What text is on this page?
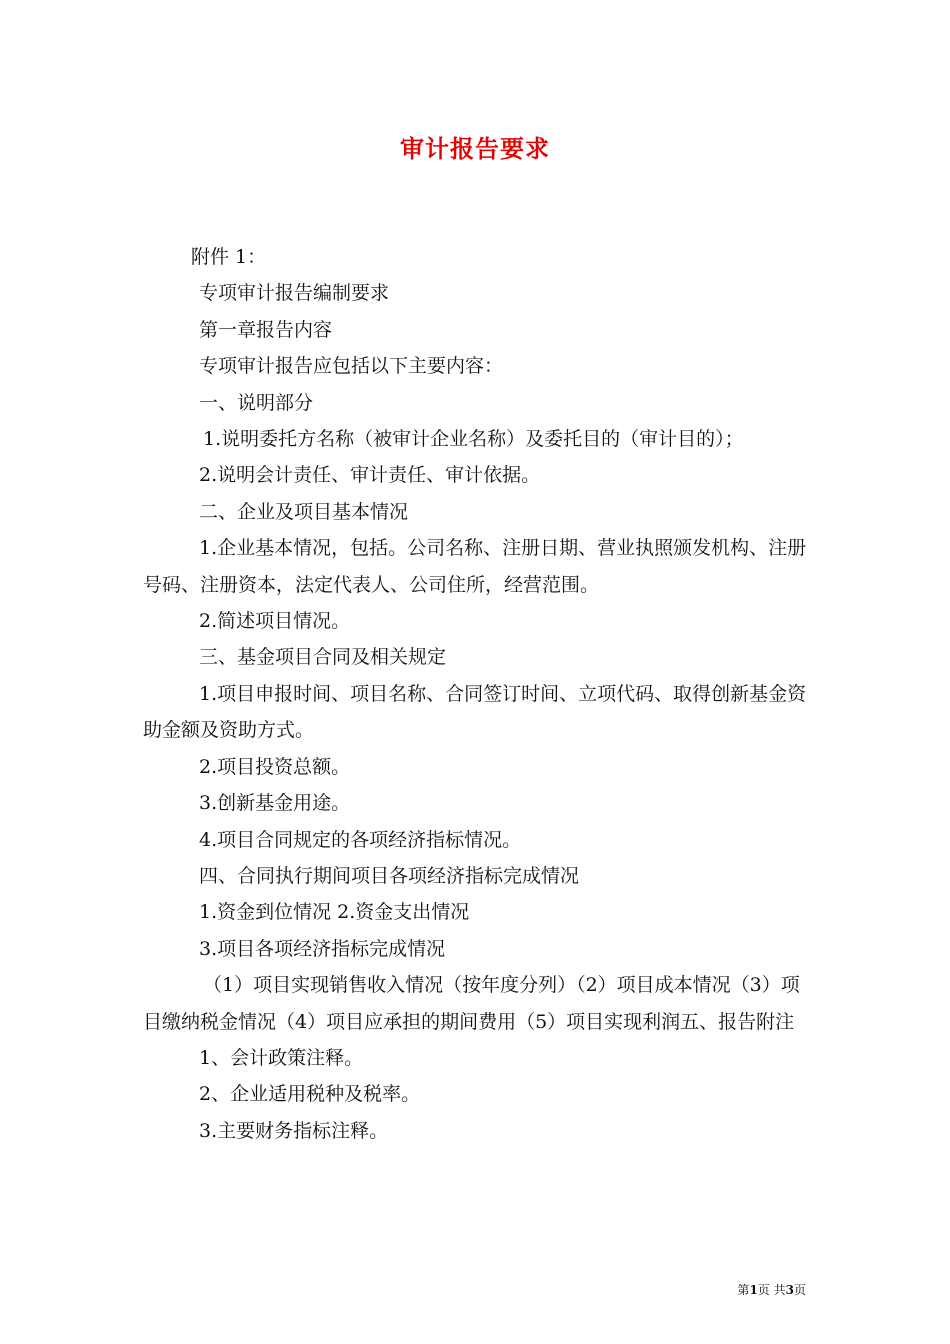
审计报告要求

附件 1：

专项审计报告编制要求

第一章报告内容

专项审计报告应包括以下主要内容：

一、说明部分

1.说明委托方名称（被审计企业名称）及委托目的（审计目的）；

2.说明会计责任、审计责任、审计依据。

二、企业及项目基本情况

1.企业基本情况，包括。公司名称、注册日期、营业执照颁发机构、注册号码、注册资本，法定代表人、公司住所，经营范围。

2.简述项目情况。

三、基金项目合同及相关规定

1.项目申报时间、项目名称、合同签订时间、立项代码、取得创新基金资助金额及资助方式。

2.项目投资总额。

3.创新基金用途。

4.项目合同规定的各项经济指标情况。

四、合同执行期间项目各项经济指标完成情况

1.资金到位情况 2.资金支出情况

3.项目各项经济指标完成情况

（1）项目实现销售收入情况（按年度分列）（2）项目成本情况（3）项目缴纳税金情况（4）项目应承担的期间费用（5）项目实现利润五、报告附注

1、会计政策注释。

2、企业适用税种及税率。

3.主要财务指标注释。

第1页 共3页
